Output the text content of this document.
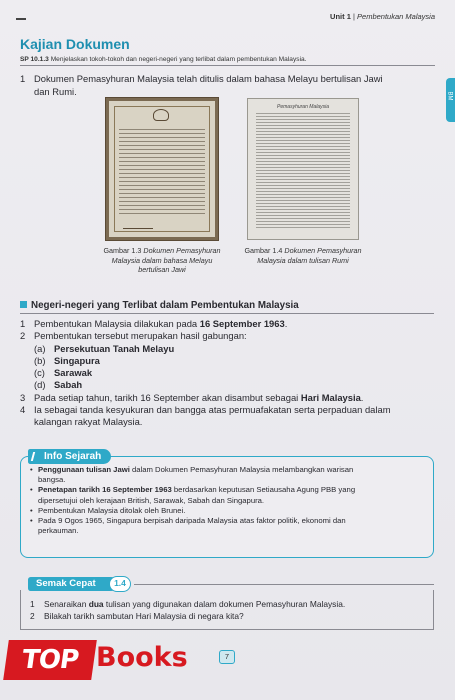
Unit 1 | Pembentukan Malaysia
BM
Kajian Dokumen
SP 10.1.3 Menjelaskan tokoh-tokoh dan negeri-negeri yang terlibat dalam pembentukan Malaysia.
1 Dokumen Pemasyhuran Malaysia telah ditulis dalam bahasa Melayu bertulisan Jawi
dan Rumi.
Pemasyhuran Malaysia
Gambar 1.3 Dokumen Pemasyhuran
Malaysia dalam bahasa Melayu
bertulisan Jawi
Gambar 1.4 Dokumen Pemasyhuran
Malaysia dalam tulisan Rumi
Negeri-negeri yang Terlibat dalam Pembentukan Malaysia
1 Pembentukan Malaysia dilakukan pada 16 September 1963.
2 Pembentukan tersebut merupakan hasil gabungan:
(a) Persekutuan Tanah Melayu
(b) Singapura
(c) Sarawak
(d) Sabah
3 Pada setiap tahun, tarikh 16 September akan disambut sebagai Hari Malaysia.
4 Ia sebagai tanda kesyukuran dan bangga atas permuafakatan serta perpaduan dalam
kalangan rakyat Malaysia.
Info Sejarah
• Penggunaan tulisan Jawi dalam Dokumen Pemasyhuran Malaysia melambangkan warisan
bangsa.
• Penetapan tarikh 16 September 1963 berdasarkan keputusan Setiausaha Agung PBB yang
dipersetujui oleh kerajaan British, Sarawak, Sabah dan Singapura.
• Pembentukan Malaysia ditolak oleh Brunei.
• Pada 9 Ogos 1965, Singapura berpisah daripada Malaysia atas faktor politik, ekonomi dan
perkauman.
Semak Cepat	1.4
1 Senaraikan dua tulisan yang digunakan dalam dokumen Pemasyhuran Malaysia.
2 Bilakah tarikh sambutan Hari Malaysia di negara kita?
7
TOP Books
